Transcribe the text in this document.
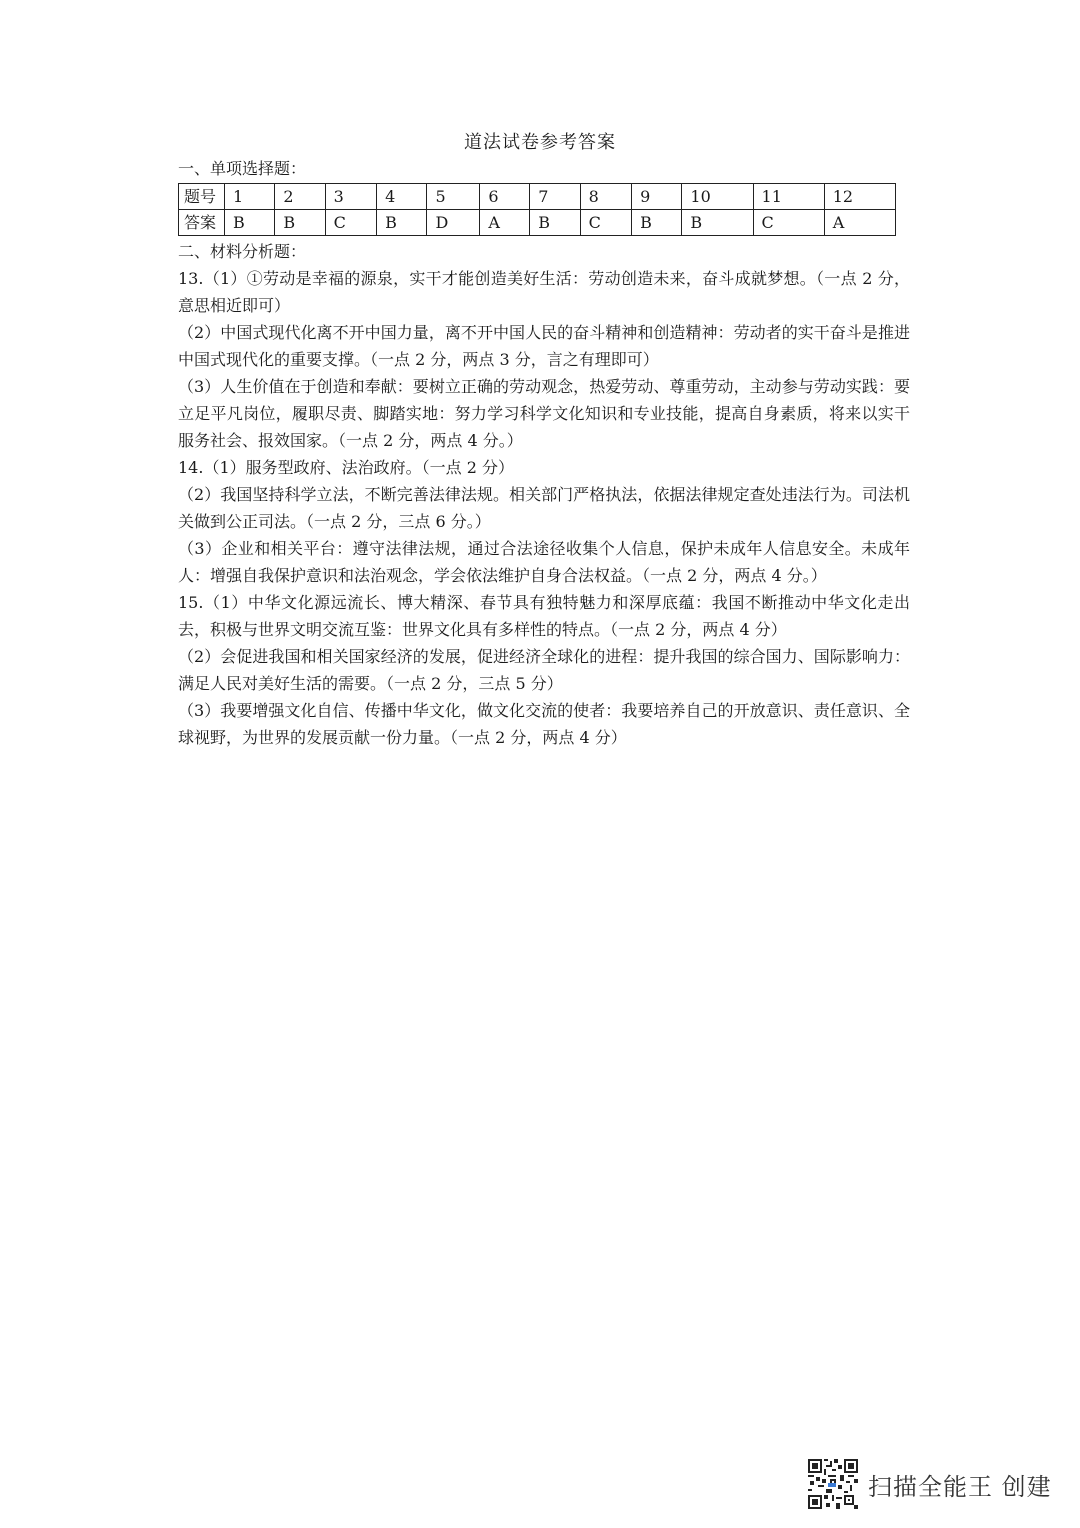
道法试卷参考答案

一、单项选择题：

题号	1	2	3	4	5	6	7	8	9	10	11	12
答案	B	B	C	B	D	A	B	C	B	B	C	A

二、材料分析题：

13.（1）①劳动是幸福的源泉，实干才能创造美好生活：劳动创造未来，奋斗成就梦想。（一点 2 分，意思相近即可）

（2）中国式现代化离不开中国力量，离不开中国人民的奋斗精神和创造精神：劳动者的实干奋斗是推进中国式现代化的重要支撑。（一点 2 分，两点 3 分，言之有理即可）

（3）人生价值在于创造和奉献：要树立正确的劳动观念，热爱劳动、尊重劳动，主动参与劳动实践：要立足平凡岗位，履职尽责、脚踏实地：努力学习科学文化知识和专业技能，提高自身素质，将来以实干服务社会、报效国家。（一点 2 分，两点 4 分。）

14.（1）服务型政府、法治政府。（一点 2 分）

（2）我国坚持科学立法，不断完善法律法规。相关部门严格执法，依据法律规定查处违法行为。司法机关做到公正司法。（一点 2 分，三点 6 分。）

（3）企业和相关平台：遵守法律法规，通过合法途径收集个人信息，保护未成年人信息安全。未成年人：增强自我保护意识和法治观念，学会依法维护自身合法权益。（一点 2 分，两点 4 分。）

15.（1）中华文化源远流长、博大精深、春节具有独特魅力和深厚底蕴：我国不断推动中华文化走出去，积极与世界文明交流互鉴：世界文化具有多样性的特点。（一点 2 分，两点 4 分）

（2）会促进我国和相关国家经济的发展，促进经济全球化的进程：提升我国的综合国力、国际影响力：满足人民对美好生活的需要。（一点 2 分，三点 5 分）

（3）我要增强文化自信、传播中华文化，做文化交流的使者：我要培养自己的开放意识、责任意识、全球视野，为世界的发展贡献一份力量。（一点 2 分，两点 4 分）

扫描全能王 创建
